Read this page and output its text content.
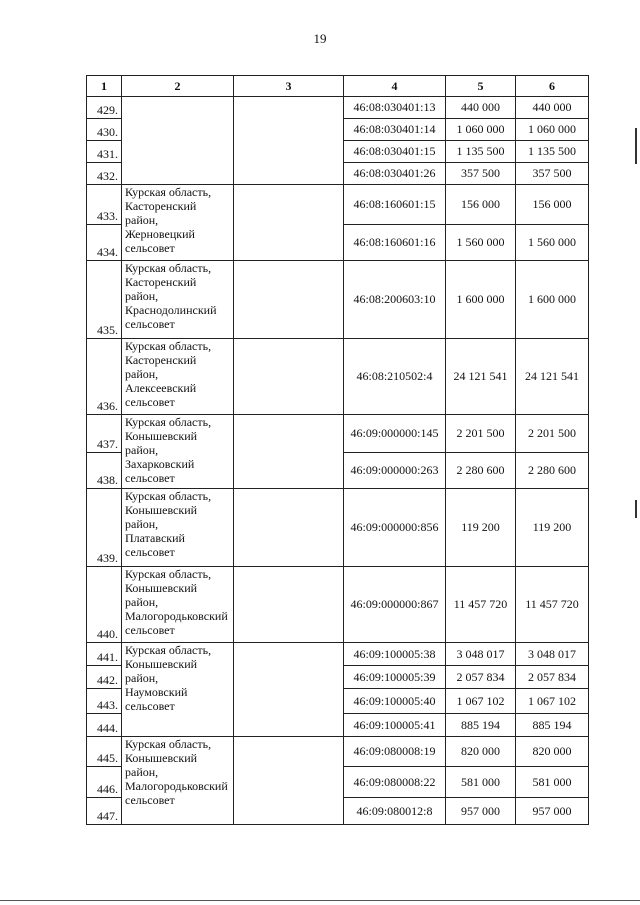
19
1	2	3	4	5	6
429.			46:08:030401:13	440 000	440 000
430.			46:08:030401:14	1 060 000	1 060 000
431.			46:08:030401:15	1 135 500	1 135 500
432.			46:08:030401:26	357 500	357 500
433.	Курская область,
Касторенский
район,
Жерновецкий
сельсовет		46:08:160601:15	156 000	156 000
434.			46:08:160601:16	1 560 000	1 560 000
435.	Курская область,
Касторенский
район,
Краснодолинский
сельсовет		46:08:200603:10	1 600 000	1 600 000
436.	Курская область,
Касторенский
район,
Алексеевский
сельсовет		46:08:210502:4	24 121 541	24 121 541
437.	Курская область,
Конышевский
район,
Захарковский
сельсовет		46:09:000000:145	2 201 500	2 201 500
438.			46:09:000000:263	2 280 600	2 280 600
439.	Курская область,
Конышевский
район,
Платавский
сельсовет		46:09:000000:856	119 200	119 200
440.	Курская область,
Конышевский
район,
Малогородьковский
сельсовет		46:09:000000:867	11 457 720	11 457 720
441.	Курская область,
Конышевский
район,
Наумовский
сельсовет		46:09:100005:38	3 048 017	3 048 017
442.			46:09:100005:39	2 057 834	2 057 834
443.			46:09:100005:40	1 067 102	1 067 102
444.			46:09:100005:41	885 194	885 194
445.	Курская область,
Конышевский
район,
Малогородьковский
сельсовет		46:09:080008:19	820 000	820 000
446.			46:09:080008:22	581 000	581 000
447.			46:09:080012:8	957 000	957 000
